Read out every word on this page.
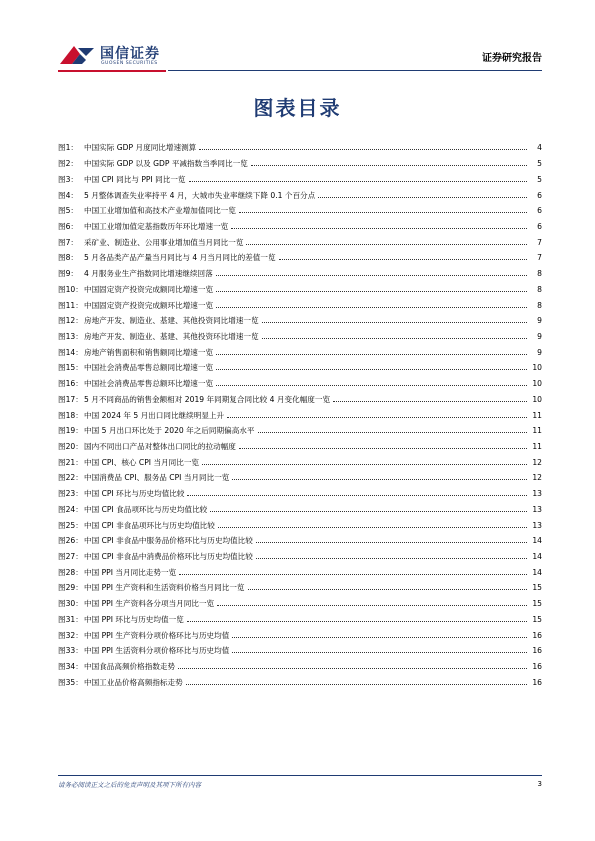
国信证券
GUOSEN SECURITIES	证券研究报告
图表目录
图1： 中国实际 GDP 月度同比增速测算	4
图2： 中国实际 GDP 以及 GDP 平减指数当季同比一览	5
图3： 中国 CPI 同比与 PPI 同比一览	5
图4： 5 月整体调查失业率持平 4 月，大城市失业率继续下降 0.1 个百分点	6
图5： 中国工业增加值和高技术产业增加值同比一览	6
图6： 中国工业增加值定基指数历年环比增速一览	6
图7： 采矿业、制造业、公用事业增加值当月同比一览	7
图8： 5 月各品类产品产量当月同比与 4 月当月同比的差值一览	7
图9： 4 月服务业生产指数同比增速继续回落	8
图10： 中国固定资产投资完成额同比增速一览	8
图11： 中国固定资产投资完成额环比增速一览	8
图12： 房地产开发、制造业、基建、其他投资同比增速一览	9
图13： 房地产开发、制造业、基建、其他投资环比增速一览	9
图14： 房地产销售面积和销售额同比增速一览	9
图15： 中国社会消费品零售总额同比增速一览	10
图16： 中国社会消费品零售总额环比增速一览	10
图17： 5 月不同商品的销售金额相对 2019 年同期复合同比较 4 月变化幅度一览	10
图18： 中国 2024 年 5 月出口同比继续明显上升	11
图19： 中国 5 月出口环比处于 2020 年之后同期偏高水平	11
图20： 国内不同出口产品对整体出口同比的拉动幅度	11
图21： 中国 CPI、核心 CPI 当月同比一览	12
图22： 中国消费品 CPI、服务品 CPI 当月同比一览	12
图23： 中国 CPI 环比与历史均值比较	13
图24： 中国 CPI 食品项环比与历史均值比较	13
图25： 中国 CPI 非食品项环比与历史均值比较	13
图26： 中国 CPI 非食品中服务品价格环比与历史均值比较	14
图27： 中国 CPI 非食品中消费品价格环比与历史均值比较	14
图28： 中国 PPI 当月同比走势一览	14
图29： 中国 PPI 生产资料和生活资料价格当月同比一览	15
图30： 中国 PPI 生产资料各分项当月同比一览	15
图31： 中国 PPI 环比与历史均值一览	15
图32： 中国 PPI 生产资料分项价格环比与历史均值	16
图33： 中国 PPI 生活资料分项价格环比与历史均值	16
图34： 中国食品高频价格指数走势	16
图35： 中国工业品价格高频指标走势	16
请务必阅读正文之后的免责声明及其项下所有内容	3
